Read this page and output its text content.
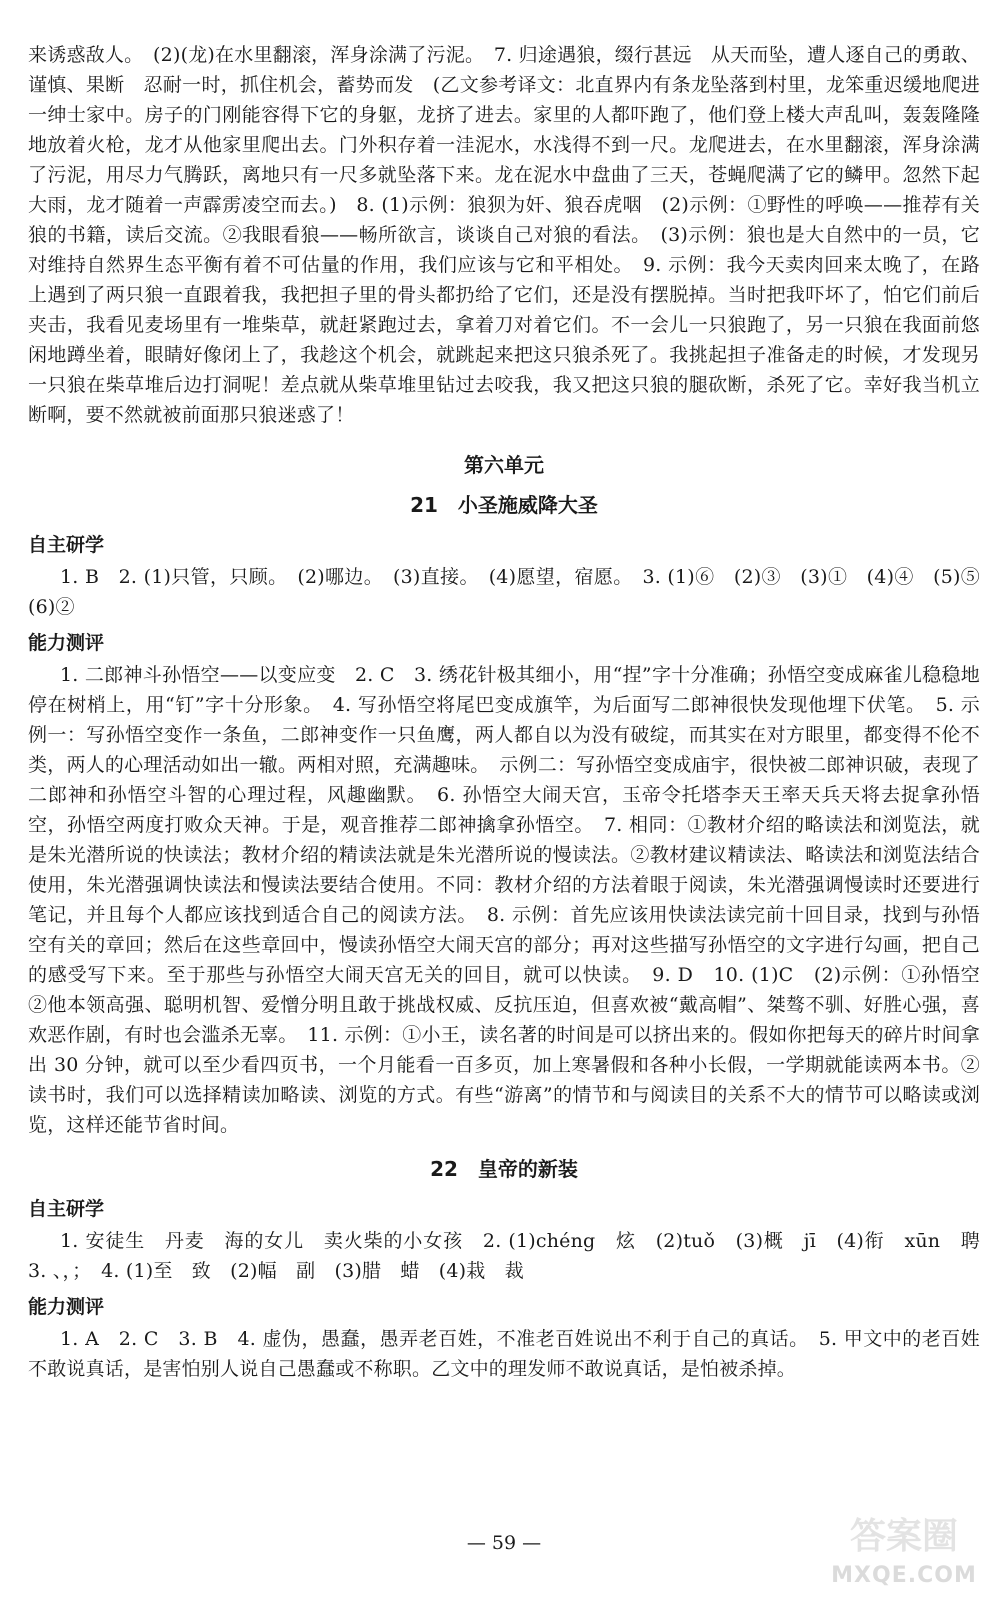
来诱惑敌人。　(2)(龙)在水里翻滚，浑身涂满了污泥。　7. 归途遇狼，缀行甚远　从天而坠，遭人逐自己的勇敢、谨慎、果断　忍耐一时，抓住机会，蓄势而发　(乙文参考译文：北直界内有条龙坠落到村里，龙笨重迟缓地爬进一绅士家中。房子的门刚能容得下它的身躯，龙挤了进去。家里的人都吓跑了，他们登上楼大声乱叫，轰轰隆隆地放着火枪，龙才从他家里爬出去。门外积存着一洼泥水，水浅得不到一尺。龙爬进去，在水里翻滚，浑身涂满了污泥，用尽力气腾跃，离地只有一尺多就坠落下来。龙在泥水中盘曲了三天，苍蝇爬满了它的鳞甲。忽然下起大雨，龙才随着一声霹雳凌空而去。)　8. (1)示例：狼狈为奸、狼吞虎咽　(2)示例：①野性的呼唤——推荐有关狼的书籍，读后交流。②我眼看狼——畅所欲言，谈谈自己对狼的看法。　(3)示例：狼也是大自然中的一员，它对维持自然界生态平衡有着不可估量的作用，我们应该与它和平相处。　9. 示例：我今天卖肉回来太晚了，在路上遇到了两只狼一直跟着我，我把担子里的骨头都扔给了它们，还是没有摆脱掉。当时把我吓坏了，怕它们前后夹击，我看见麦场里有一堆柴草，就赶紧跑过去，拿着刀对着它们。不一会儿一只狼跑了，另一只狼在我面前悠闲地蹲坐着，眼睛好像闭上了，我趁这个机会，就跳起来把这只狼杀死了。我挑起担子准备走的时候，才发现另一只狼在柴草堆后边打洞呢！差点就从柴草堆里钻过去咬我，我又把这只狼的腿砍断，杀死了它。幸好我当机立断啊，要不然就被前面那只狼迷惑了！

第六单元
21　小圣施威降大圣
自主研学

1. B　2. (1)只管，只顾。　(2)哪边。　(3)直接。　(4)愿望，宿愿。　3. (1)⑥　(2)③　(3)①　(4)④　(5)⑤　(6)②

能力测评

1. 二郎神斗孙悟空——以变应变　2. C　3. 绣花针极其细小，用“捏”字十分准确；孙悟空变成麻雀儿稳稳地停在树梢上，用“钉”字十分形象。　4. 写孙悟空将尾巴变成旗竿，为后面写二郎神很快发现他埋下伏笔。　5. 示例一：写孙悟空变作一条鱼，二郎神变作一只鱼鹰，两人都自以为没有破绽，而其实在对方眼里，都变得不伦不类，两人的心理活动如出一辙。两相对照，充满趣味。　示例二：写孙悟空变成庙宇，很快被二郎神识破，表现了二郎神和孙悟空斗智的心理过程，风趣幽默。　6. 孙悟空大闹天宫，玉帝令托塔李天王率天兵天将去捉拿孙悟空，孙悟空两度打败众天神。于是，观音推荐二郎神擒拿孙悟空。　7. 相同：①教材介绍的略读法和浏览法，就是朱光潜所说的快读法；教材介绍的精读法就是朱光潜所说的慢读法。②教材建议精读法、略读法和浏览法结合使用，朱光潜强调快读法和慢读法要结合使用。不同：教材介绍的方法着眼于阅读，朱光潜强调慢读时还要进行笔记，并且每个人都应该找到适合自己的阅读方法。　8. 示例：首先应该用快读法读完前十回目录，找到与孙悟空有关的章回；然后在这些章回中，慢读孙悟空大闹天宫的部分；再对这些描写孙悟空的文字进行勾画，把自己的感受写下来。至于那些与孙悟空大闹天宫无关的回目，就可以快读。　9. D　10. (1)C　(2)示例：①孙悟空　②他本领高强、聪明机智、爱憎分明且敢于挑战权威、反抗压迫，但喜欢被“戴高帽”、桀骜不驯、好胜心强，喜欢恶作剧，有时也会滥杀无辜。　11. 示例：①小王，读名著的时间是可以挤出来的。假如你把每天的碎片时间拿出 30 分钟，就可以至少看四页书，一个月能看一百多页，加上寒暑假和各种小长假，一学期就能读两本书。②读书时，我们可以选择精读加略读、浏览的方式。有些“游离”的情节和与阅读目的关系不大的情节可以略读或浏览，这样还能节省时间。

22　皇帝的新装
自主研学

1. 安徒生　丹麦　海的女儿　卖火柴的小女孩　2. (1)chéng　炫　(2)tuǒ　(3)概　jī　(4)衔　xūn　聘　3. 、，；　4. (1)至　致　(2)幅　副　(3)腊　蜡　(4)栽　裁

能力测评

1. A　2. C　3. B　4. 虚伪，愚蠢，愚弄老百姓，不准老百姓说出不利于自己的真话。　5. 甲文中的老百姓不敢说真话，是害怕别人说自己愚蠢或不称职。乙文中的理发师不敢说真话，是怕被杀掉。

— 59 —	答案圈
MXQE.COM
